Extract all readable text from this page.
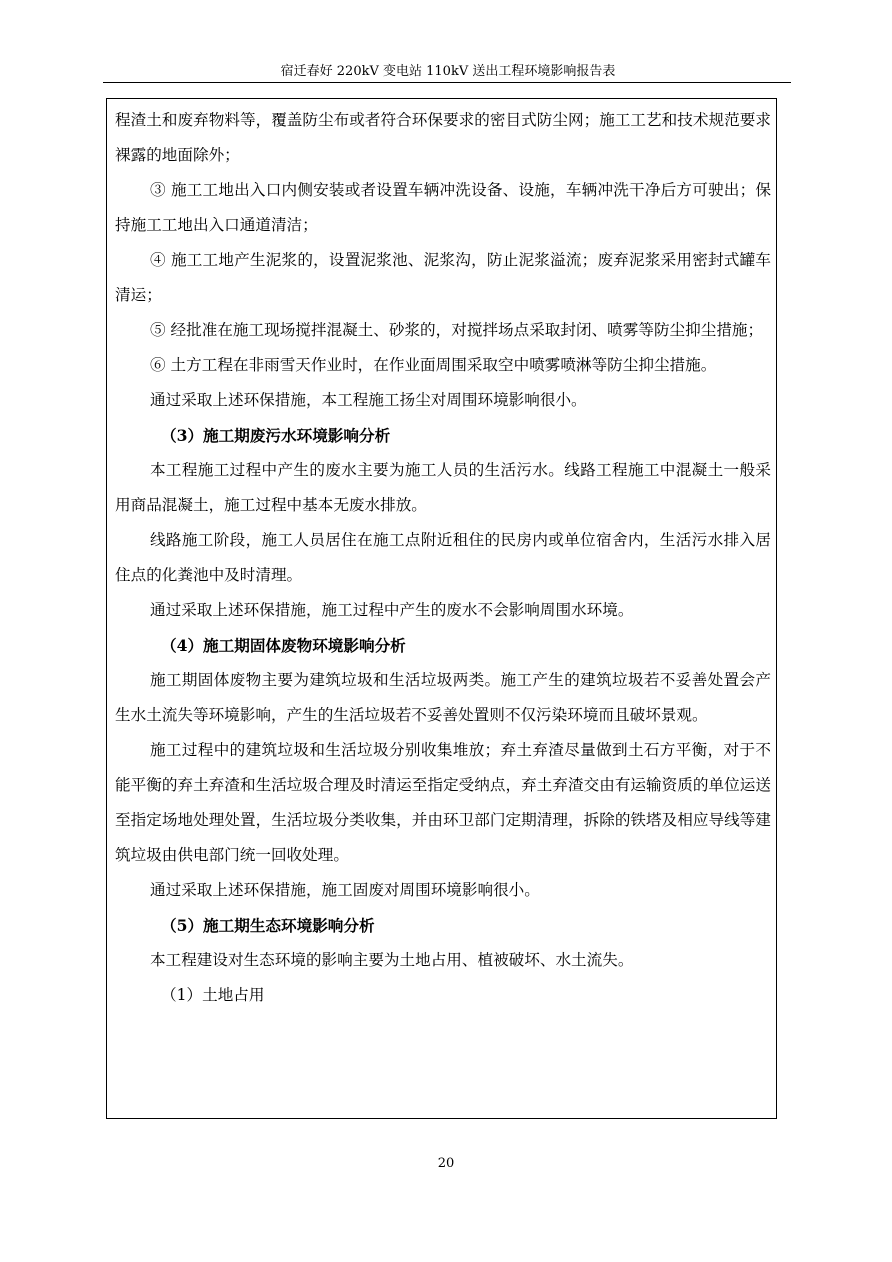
宿迁春好 220kV 变电站 110kV 送出工程环境影响报告表

程渣土和废弃物料等，覆盖防尘布或者符合环保要求的密目式防尘网；施工工艺和技术规范要求裸露的地面除外；

③ 施工工地出入口内侧安装或者设置车辆冲洗设备、设施，车辆冲洗干净后方可驶出；保持施工工地出入口通道清洁；

④ 施工工地产生泥浆的，设置泥浆池、泥浆沟，防止泥浆溢流；废弃泥浆采用密封式罐车清运；

⑤ 经批准在施工现场搅拌混凝土、砂浆的，对搅拌场点采取封闭、喷雾等防尘抑尘措施；

⑥ 土方工程在非雨雪天作业时，在作业面周围采取空中喷雾喷淋等防尘抑尘措施。

通过采取上述环保措施，本工程施工扬尘对周围环境影响很小。

（3）施工期废污水环境影响分析

本工程施工过程中产生的废水主要为施工人员的生活污水。线路工程施工中混凝土一般采用商品混凝土，施工过程中基本无废水排放。

线路施工阶段，施工人员居住在施工点附近租住的民房内或单位宿舍内，生活污水排入居住点的化粪池中及时清理。

通过采取上述环保措施，施工过程中产生的废水不会影响周围水环境。

（4）施工期固体废物环境影响分析

施工期固体废物主要为建筑垃圾和生活垃圾两类。施工产生的建筑垃圾若不妥善处置会产生水土流失等环境影响，产生的生活垃圾若不妥善处置则不仅污染环境而且破坏景观。

施工过程中的建筑垃圾和生活垃圾分别收集堆放；弃土弃渣尽量做到土石方平衡，对于不能平衡的弃土弃渣和生活垃圾合理及时清运至指定受纳点，弃土弃渣交由有运输资质的单位运送至指定场地处理处置，生活垃圾分类收集，并由环卫部门定期清理，拆除的铁塔及相应导线等建筑垃圾由供电部门统一回收处理。

通过采取上述环保措施，施工固废对周围环境影响很小。

（5）施工期生态环境影响分析

本工程建设对生态环境的影响主要为土地占用、植被破坏、水土流失。

（1）土地占用

20
